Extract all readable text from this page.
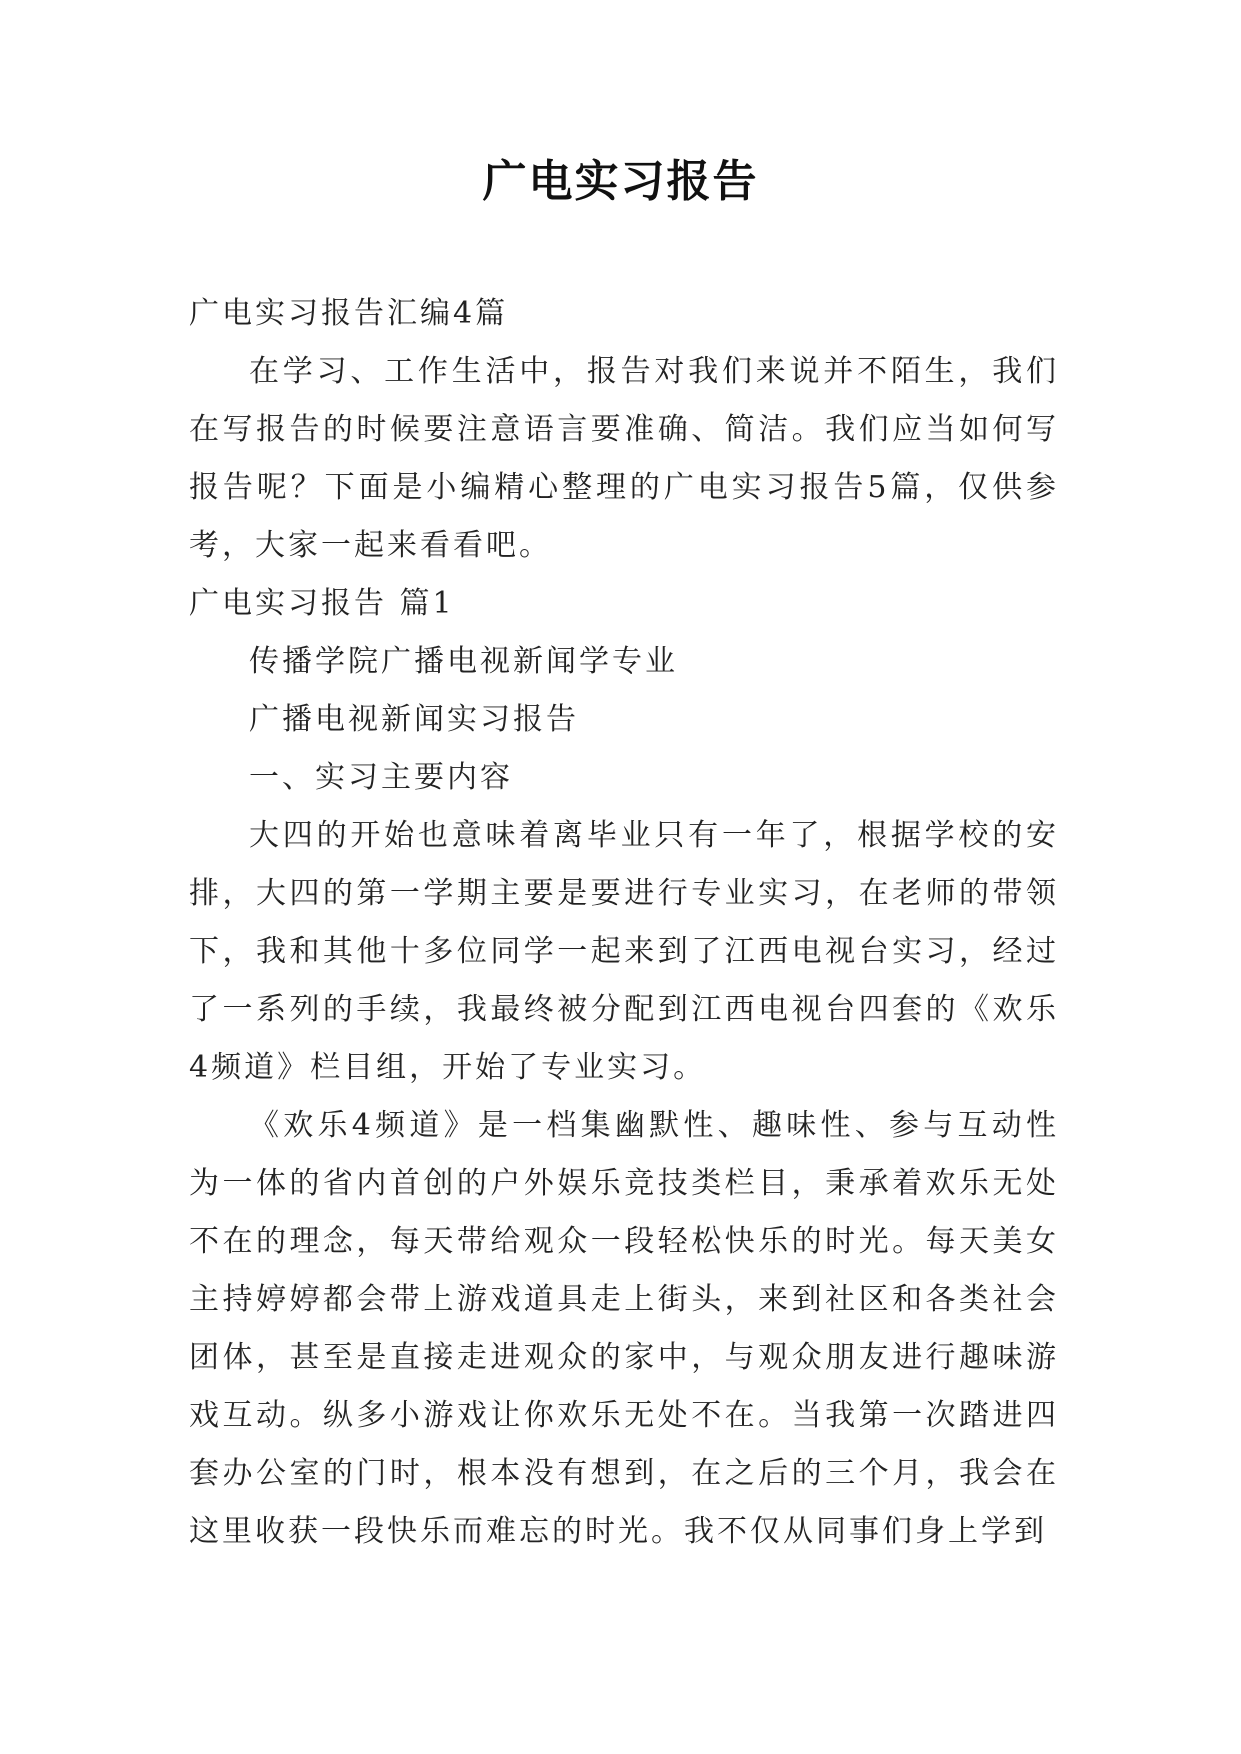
广电实习报告

广电实习报告汇编4篇

在学习、工作生活中，报告对我们来说并不陌生，我们在写报告的时候要注意语言要准确、简洁。我们应当如何写报告呢？下面是小编精心整理的广电实习报告5篇，仅供参考，大家一起来看看吧。

广电实习报告 篇1

传播学院广播电视新闻学专业

广播电视新闻实习报告

一、实习主要内容

大四的开始也意味着离毕业只有一年了，根据学校的安排，大四的第一学期主要是要进行专业实习，在老师的带领下，我和其他十多位同学一起来到了江西电视台实习，经过了一系列的手续，我最终被分配到江西电视台四套的《欢乐4频道》栏目组，开始了专业实习。

《欢乐4频道》是一档集幽默性、趣味性、参与互动性为一体的省内首创的户外娱乐竞技类栏目，秉承着欢乐无处不在的理念，每天带给观众一段轻松快乐的时光。每天美女主持婷婷都会带上游戏道具走上街头，来到社区和各类社会团体，甚至是直接走进观众的家中，与观众朋友进行趣味游戏互动。纵多小游戏让你欢乐无处不在。当我第一次踏进四套办公室的门时，根本没有想到，在之后的三个月，我会在这里收获一段快乐而难忘的时光。我不仅从同事们身上学到
